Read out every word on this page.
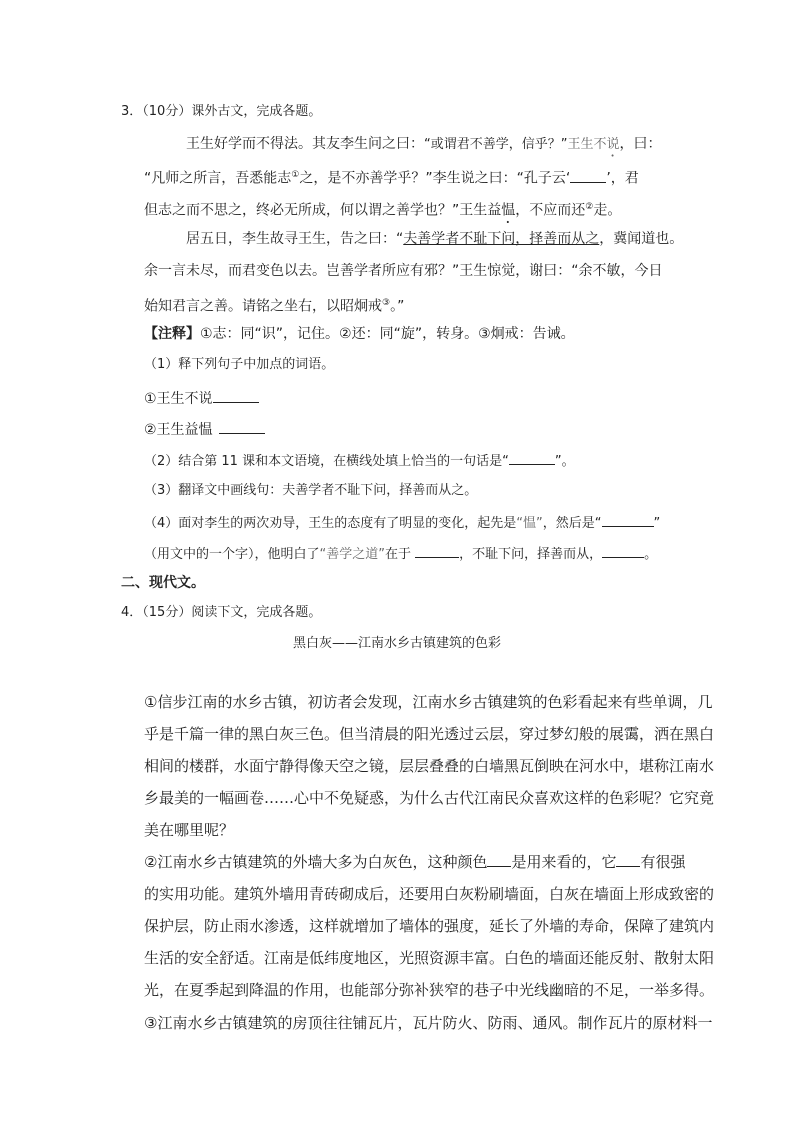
3．（10分）课外古文，完成各题。
王生好学而不得法。其友李生问之曰：“或谓君不善学，信乎？”王生不说，曰：
“凡师之所言，吾悉能志①之，是不亦善学乎？”李生说之曰：“孔子云‘	’，君
但志之而不思之，终必无所成，何以谓之善学也？”王生益愠，不应而还②走。
居五日，李生故寻王生，告之曰：“夫善学者不耻下问，择善而从之，冀闻道也。
余一言未尽，而君变色以去。岂善学者所应有邪？”王生惊觉，谢曰：“余不敏，今日
始知君言之善。请铭之坐右，以昭炯戒③。”
【注释】①志：同“识”，记住。②还：同“旋”，转身。③炯戒：告诫。
（1）释下列句子中加点的词语。
①王生不说
②王生益愠
（2）结合第 11 课和本文语境，在横线处填上恰当的一句话是“	”。
（3）翻译文中画线句：夫善学者不耻下问，择善而从之。
（4）面对李生的两次劝导，王生的态度有了明显的变化，起先是“愠”，然后是“	”
（用文中的一个字），他明白了“善学之道”在于	，不耻下问，择善而从，	。
二、现代文。
4．（15分）阅读下文，完成各题。
黑白灰——江南水乡古镇建筑的色彩
①信步江南的水乡古镇，初访者会发现，江南水乡古镇建筑的色彩看起来有些单调，几
乎是千篇一律的黑白灰三色。但当清晨的阳光透过云层，穿过梦幻般的展霭，洒在黑白
相间的楼群，水面宁静得像天空之镜，层层叠叠的白墙黑瓦倒映在河水中，堪称江南水
乡最美的一幅画卷……心中不免疑惑，为什么古代江南民众喜欢这样的色彩呢？它究竟
美在哪里呢？
②江南水乡古镇建筑的外墙大多为白灰色，这种颜色 是用来看的，它 有很强
的实用功能。建筑外墙用青砖砌成后，还要用白灰粉刷墙面，白灰在墙面上形成致密的
保护层，防止雨水渗透，这样就增加了墙体的强度，延长了外墙的寿命，保障了建筑内
生活的安全舒适。江南是低纬度地区，光照资源丰富。白色的墙面还能反射、散射太阳
光，在夏季起到降温的作用，也能部分弥补狭窄的巷子中光线幽暗的不足，一举多得。
③江南水乡古镇建筑的房顶往往铺瓦片，瓦片防火、防雨、通风。制作瓦片的原材料一
